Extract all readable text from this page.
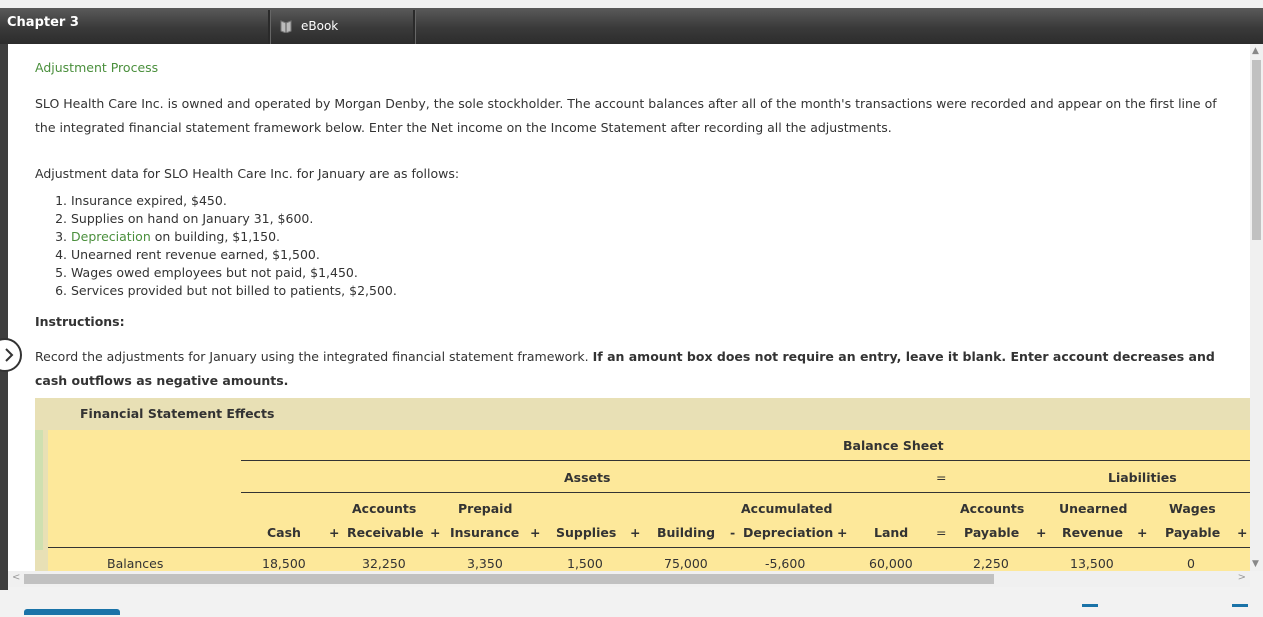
Chapter 3	eBook
Adjustment Process
SLO Health Care Inc. is owned and operated by Morgan Denby, the sole stockholder. The account balances after all of the month's transactions were recorded and appear on the first line of the integrated financial statement framework below. Enter the Net income on the Income Statement after recording all the adjustments.
Adjustment data for SLO Health Care Inc. for January are as follows:
1. Insurance expired, $450.
2. Supplies on hand on January 31, $600.
3. Depreciation on building, $1,150.
4. Unearned rent revenue earned, $1,500.
5. Wages owed employees but not paid, $1,450.
6. Services provided but not billed to patients, $2,500.
Instructions:
Record the adjustments for January using the integrated financial statement framework. If an amount box does not require an entry, leave it blank. Enter account decreases and cash outflows as negative amounts.
Financial Statement Effects
Balance Sheet
Assets	=	Liabilities
Accounts	Prepaid	Accumulated	Accounts	Unearned	Wages
Cash + Receivable + Insurance + Supplies + Building - Depreciation + Land = Payable + Revenue + Payable +
Balances	18,500	32,250	3,350	1,500	75,000	-5,600	60,000	2,250	13,500	0
▲
▼
<	>
